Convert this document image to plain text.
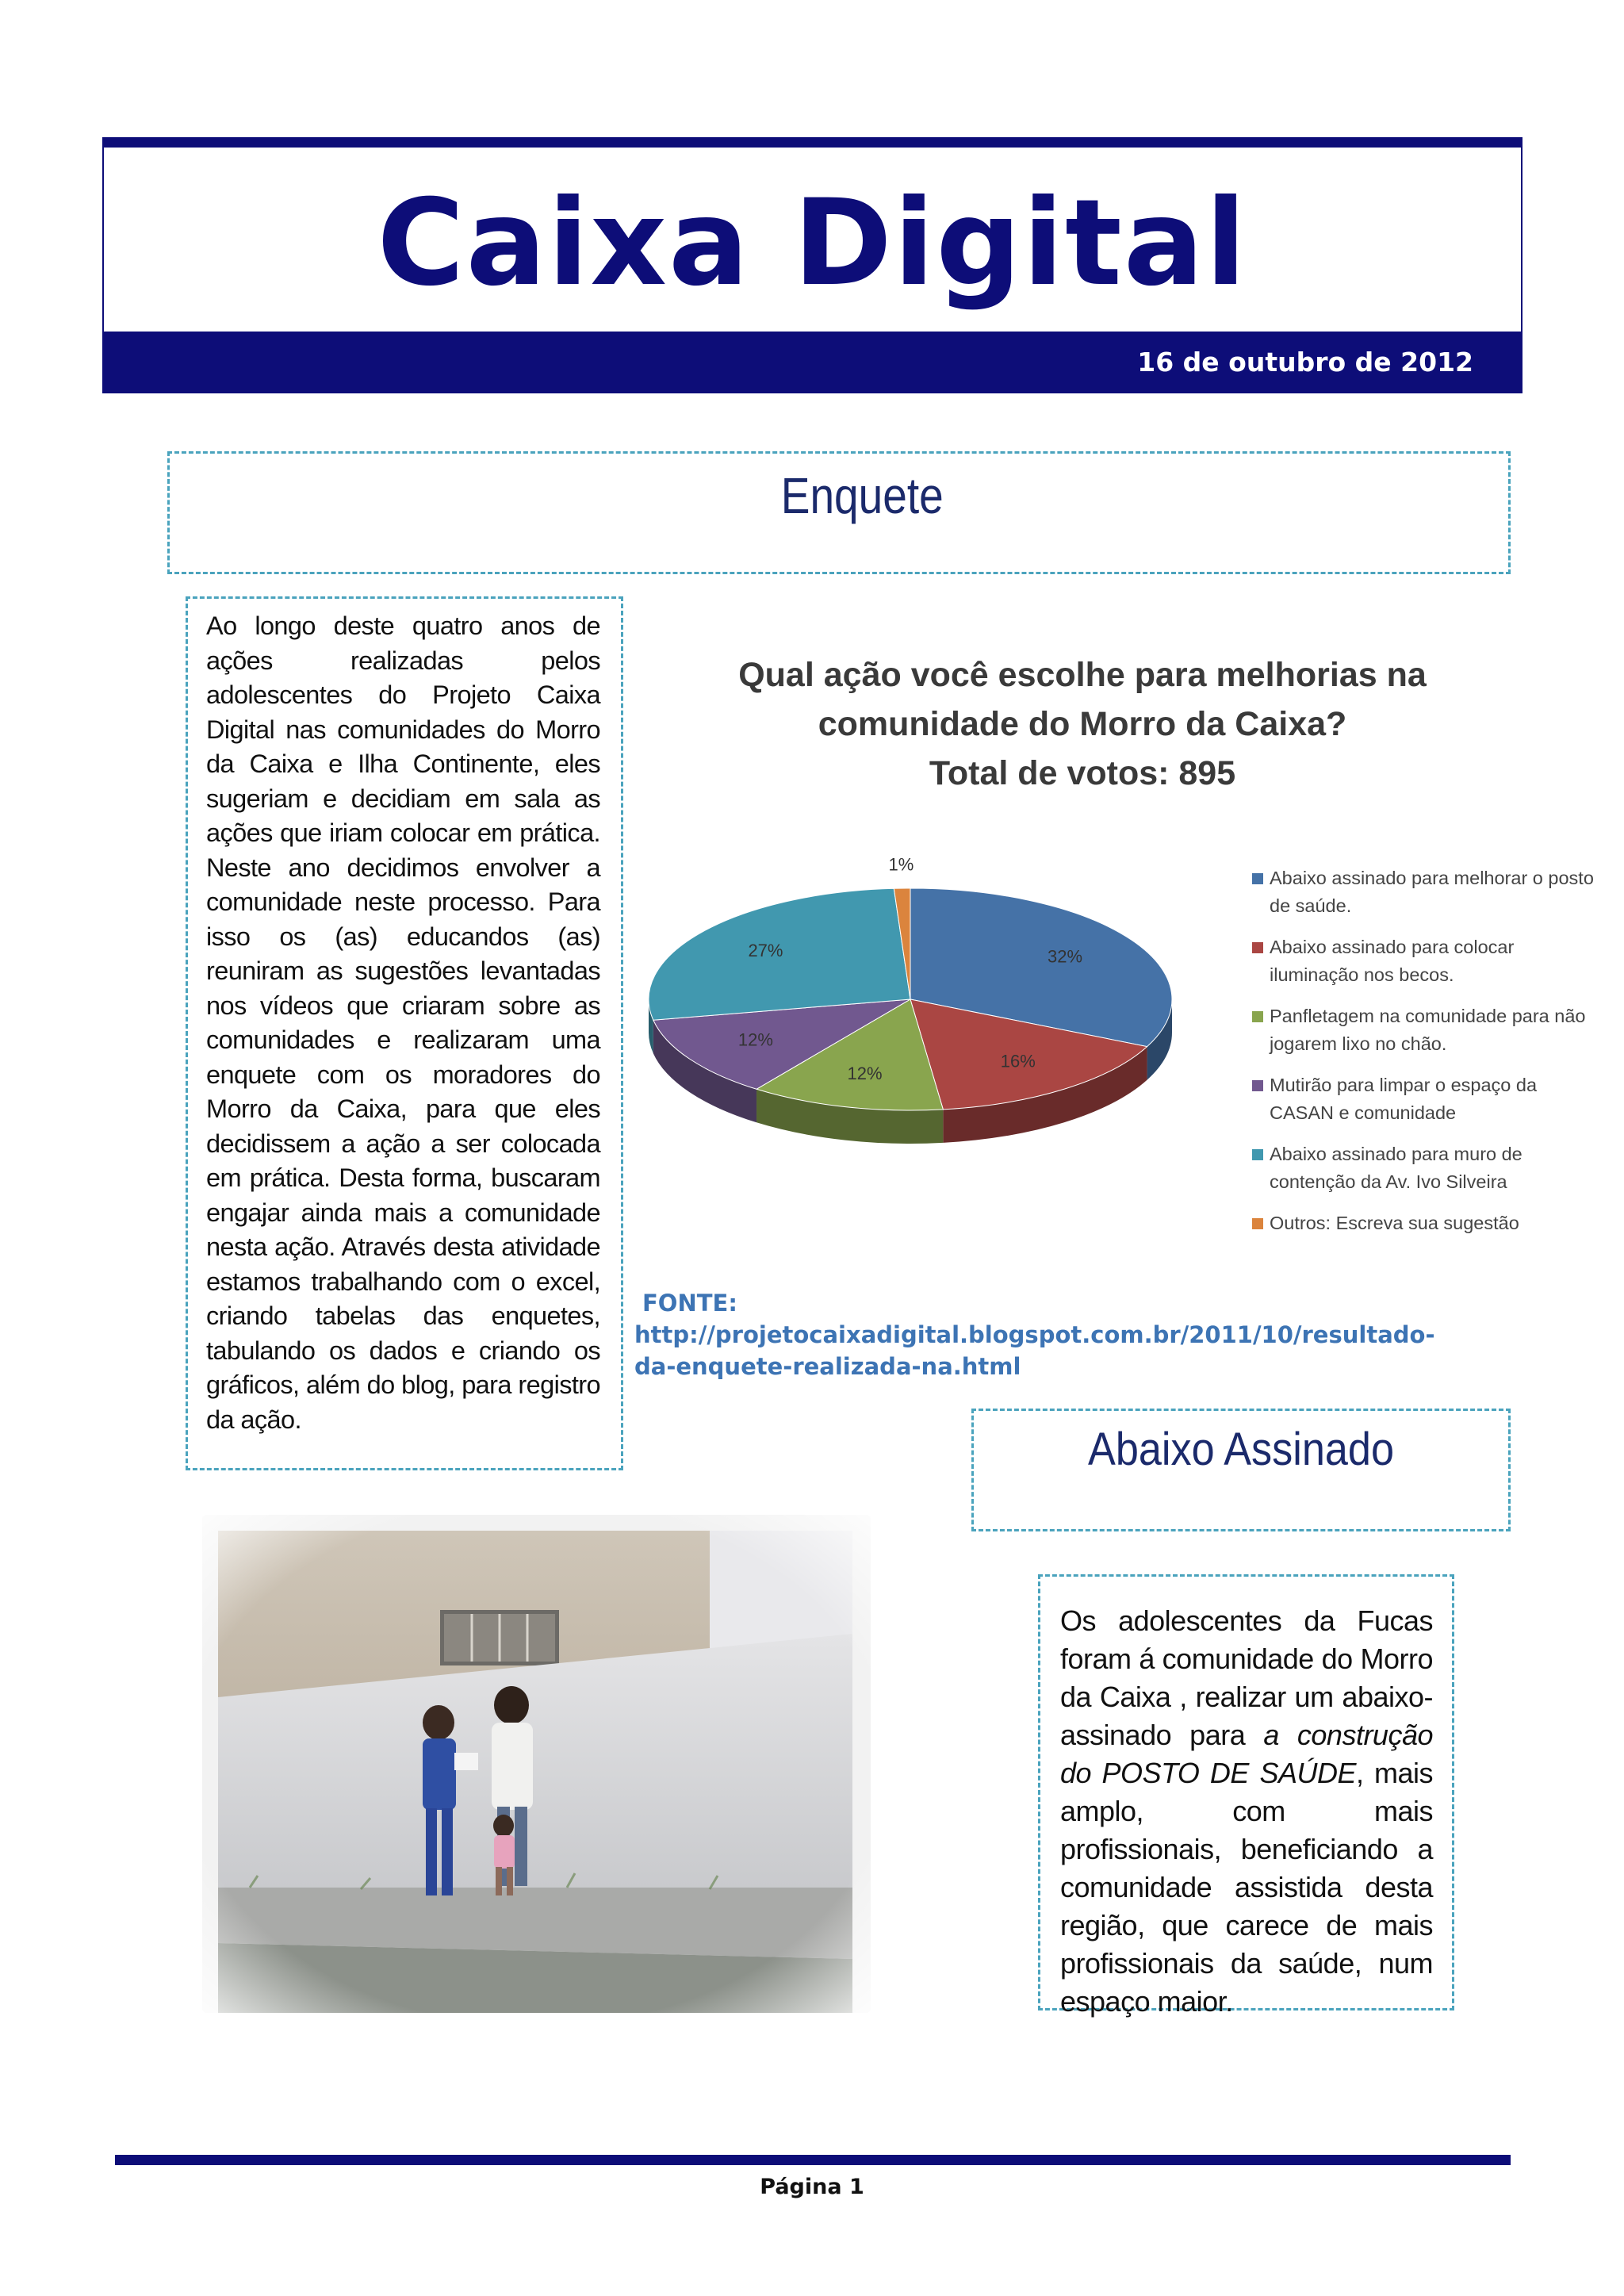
Caixa Digital
16 de outubro de 2012
Enquete
Ao longo deste quatro anos de ações realizadas pelos adolescentes do Projeto Caixa Digital nas comunidades do Morro da Caixa e Ilha Continente, eles sugeriam e decidiam em sala as ações que iriam colocar em prática. Neste ano decidimos envolver a comunidade neste processo. Para isso os (as) educandos (as) reuniram as sugestões levantadas nos vídeos que criaram sobre as comunidades e realizaram uma enquete com os moradores do Morro da Caixa, para que eles decidissem a ação a ser colocada em prática. Desta forma, buscaram engajar ainda mais a comunidade nesta ação. Através desta atividade estamos trabalhando com o excel, criando tabelas das enquetes, tabulando os dados e criando os gráficos, além do blog, para registro da ação.
Qual ação você escolhe para melhorias na
comunidade do Morro da Caixa?
Total de votos: 895
32%
16%
12%
12%
27%
1%
Abaixo assinado para melhorar o posto de saúde.
Abaixo assinado para colocar iluminação nos becos.
Panfletagem na comunidade para não jogarem lixo no chão.
Mutirão para limpar o espaço da CASAN e comunidade
Abaixo assinado para muro de contenção da Av. Ivo Silveira
Outros: Escreva sua sugestão
FONTE:
http://projetocaixadigital.blogspot.com.br/2011/10/resultado- da-enquete-realizada-na.html
Abaixo Assinado
Os adolescentes da Fucas foram á comunidade do Morro da Caixa , realizar um abaixo-assinado para a construção do POSTO DE SAÚDE, mais amplo, com mais profissionais, beneficiando a comunidade assistida desta região, que carece de mais profissionais da saúde, num espaço maior.
Página 1
